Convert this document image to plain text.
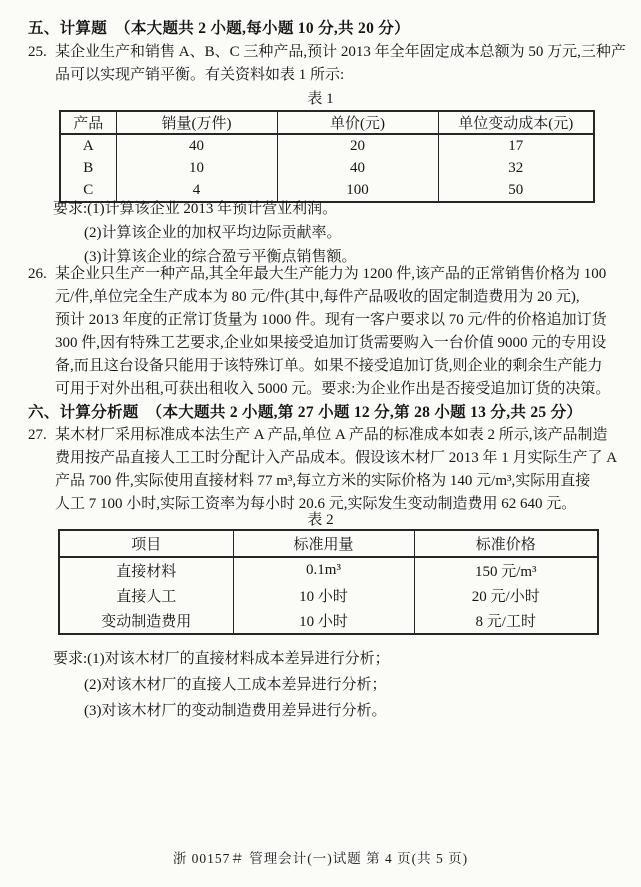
五、计算题　（本大题共 2 小题,每小题 10 分,共 20 分）
25. 某企业生产和销售 A、B、C 三种产品,预计 2013 年全年固定成本总额为 50 万元,三种产
品可以实现产销平衡。有关资料如表 1 所示:
表 1
产品	销量(万件)	单价(元)	单位变动成本(元)
A	40	20	17
B	10	40	32
C	4	100	50
要求:(1)计算该企业 2013 年预计营业利润。
(2)计算该企业的加权平均边际贡献率。
(3)计算该企业的综合盈亏平衡点销售额。
26. 某企业只生产一种产品,其全年最大生产能力为 1200 件,该产品的正常销售价格为 100
元/件,单位完全生产成本为 80 元/件(其中,每件产品吸收的固定制造费用为 20 元),
预计 2013 年度的正常订货量为 1000 件。现有一客户要求以 70 元/件的价格追加订货
300 件,因有特殊工艺要求,企业如果接受追加订货需要购入一台价值 9000 元的专用设
备,而且这台设备只能用于该特殊订单。如果不接受追加订货,则企业的剩余生产能力
可用于对外出租,可获出租收入 5000 元。要求:为企业作出是否接受追加订货的决策。
六、计算分析题　（本大题共 2 小题,第 27 小题 12 分,第 28 小题 13 分,共 25 分）
27. 某木材厂采用标准成本法生产 A 产品,单位 A 产品的标准成本如表 2 所示,该产品制造
费用按产品直接人工工时分配计入产品成本。假设该木材厂 2013 年 1 月实际生产了 A
产品 700 件,实际使用直接材料 77 m³,每立方米的实际价格为 140 元/m³,实际用直接
人工 7 100 小时,实际工资率为每小时 20.6 元,实际发生变动制造费用 62 640 元。
表 2
项目	标准用量	标准价格
直接材料	0.1m³	150 元/m³
直接人工	10 小时	20 元/小时
变动制造费用	10 小时	8 元/工时
要求:(1)对该木材厂的直接材料成本差异进行分析；
(2)对该木材厂的直接人工成本差异进行分析；
(3)对该木材厂的变动制造费用差异进行分析。
浙 00157＃ 管理会计(一)试题 第 4 页(共 5 页)
